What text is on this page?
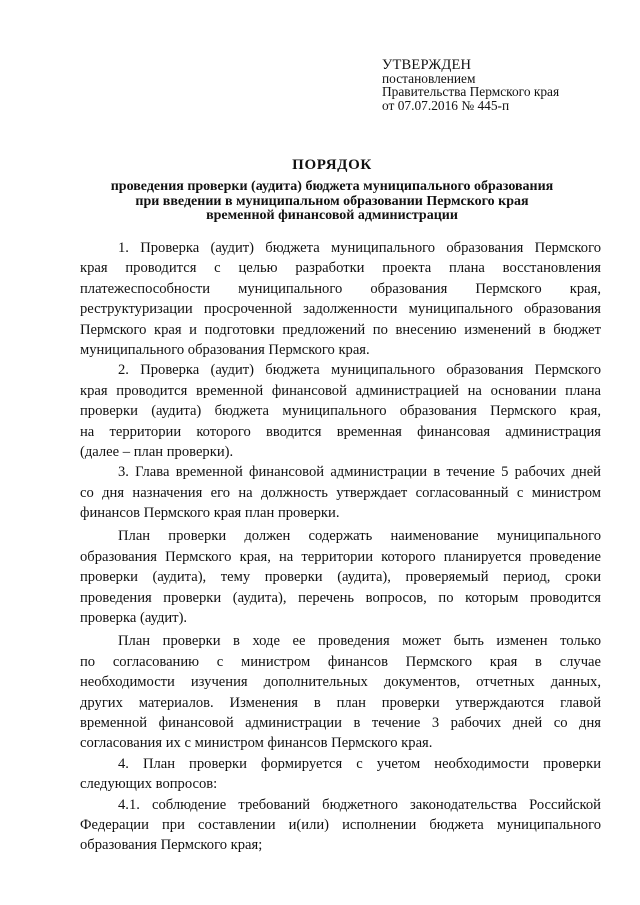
УТВЕРЖДЕН
постановлением
Правительства Пермского края
от 07.07.2016 № 445-п
ПОРЯДОК
проведения проверки (аудита) бюджета муниципального образования
при введении в муниципальном образовании Пермского края
временной финансовой администрации
1. Проверка (аудит) бюджета муниципального образования Пермского
края проводится с целью разработки проекта плана восстановления
платежеспособности муниципального образования Пермского края,
реструктуризации просроченной задолженности муниципального образования
Пермского края и подготовки предложений по внесению изменений в бюджет
муниципального образования Пермского края.
2. Проверка (аудит) бюджета муниципального образования Пермского
края проводится временной финансовой администрацией на основании плана
проверки (аудита) бюджета муниципального образования Пермского края,
на территории которого вводится временная финансовая администрация
(далее – план проверки).
3. Глава временной финансовой администрации в течение 5 рабочих дней
со дня назначения его на должность утверждает согласованный с министром
финансов Пермского края план проверки.
План проверки должен содержать наименование муниципального
образования Пермского края, на территории которого планируется проведение
проверки (аудита), тему проверки (аудита), проверяемый период, сроки
проведения проверки (аудита), перечень вопросов, по которым проводится
проверка (аудит).
План проверки в ходе ее проведения может быть изменен только
по согласованию с министром финансов Пермского края в случае
необходимости изучения дополнительных документов, отчетных данных,
других материалов. Изменения в план проверки утверждаются главой
временной финансовой администрации в течение 3 рабочих дней со дня
согласования их с министром финансов Пермского края.
4. План проверки формируется с учетом необходимости проверки
следующих вопросов:
4.1. соблюдение требований бюджетного законодательства Российской
Федерации при составлении и(или) исполнении бюджета муниципального
образования Пермского края;
